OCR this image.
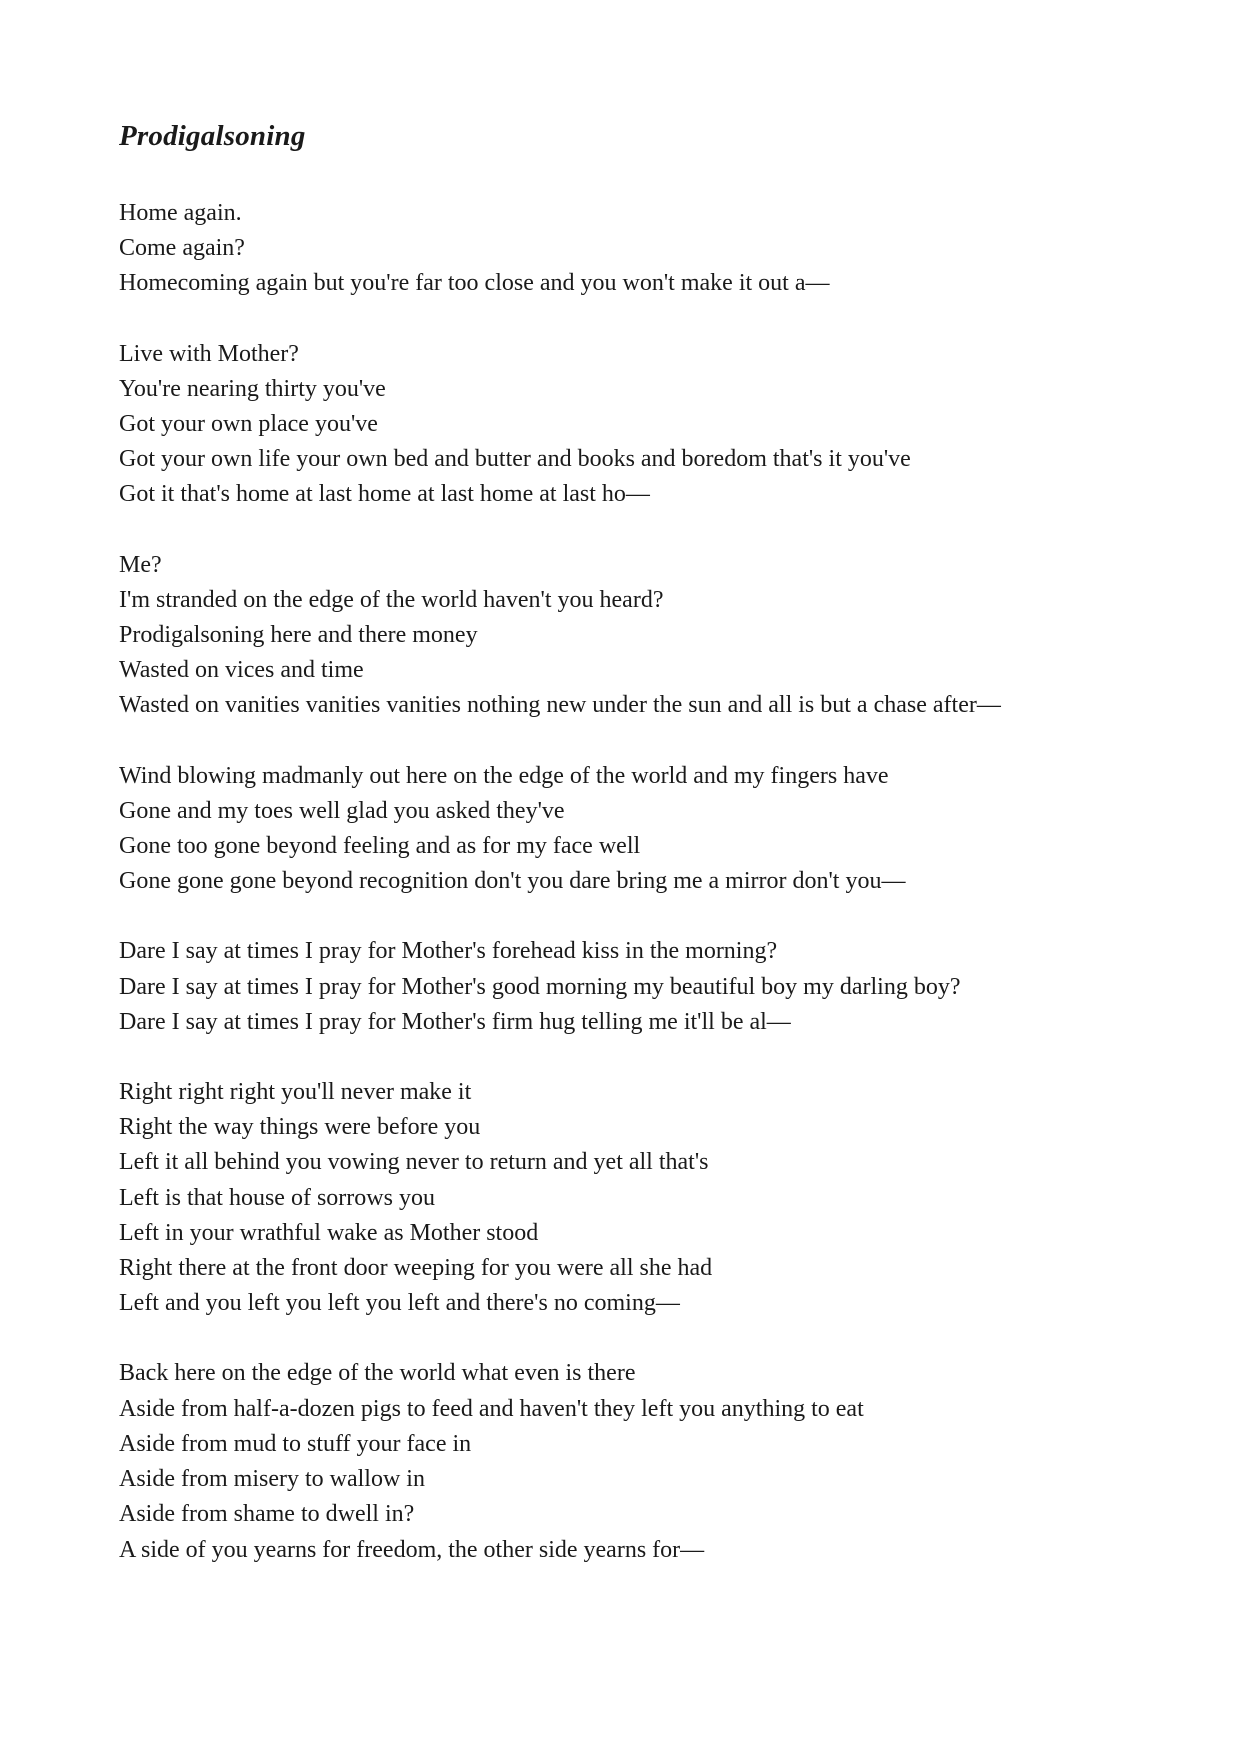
Prodigalsoning
Home again.
Come again?
Homecoming again but you're far too close and you won't make it out a—
Live with Mother?
You're nearing thirty you've
Got your own place you've
Got your own life your own bed and butter and books and boredom that's it you've
Got it that's home at last home at last home at last ho—
Me?
I'm stranded on the edge of the world haven't you heard?
Prodigalsoning here and there money
Wasted on vices and time
Wasted on vanities vanities vanities nothing new under the sun and all is but a chase after—
Wind blowing madmanly out here on the edge of the world and my fingers have
Gone and my toes well glad you asked they've
Gone too gone beyond feeling and as for my face well
Gone gone gone beyond recognition don't you dare bring me a mirror don't you—
Dare I say at times I pray for Mother's forehead kiss in the morning?
Dare I say at times I pray for Mother's good morning my beautiful boy my darling boy?
Dare I say at times I pray for Mother's firm hug telling me it'll be al—
Right right right you'll never make it
Right the way things were before you
Left it all behind you vowing never to return and yet all that's
Left is that house of sorrows you
Left in your wrathful wake as Mother stood
Right there at the front door weeping for you were all she had
Left and you left you left you left and there's no coming—
Back here on the edge of the world what even is there
Aside from half-a-dozen pigs to feed and haven't they left you anything to eat
Aside from mud to stuff your face in
Aside from misery to wallow in
Aside from shame to dwell in?
A side of you yearns for freedom, the other side yearns for—
